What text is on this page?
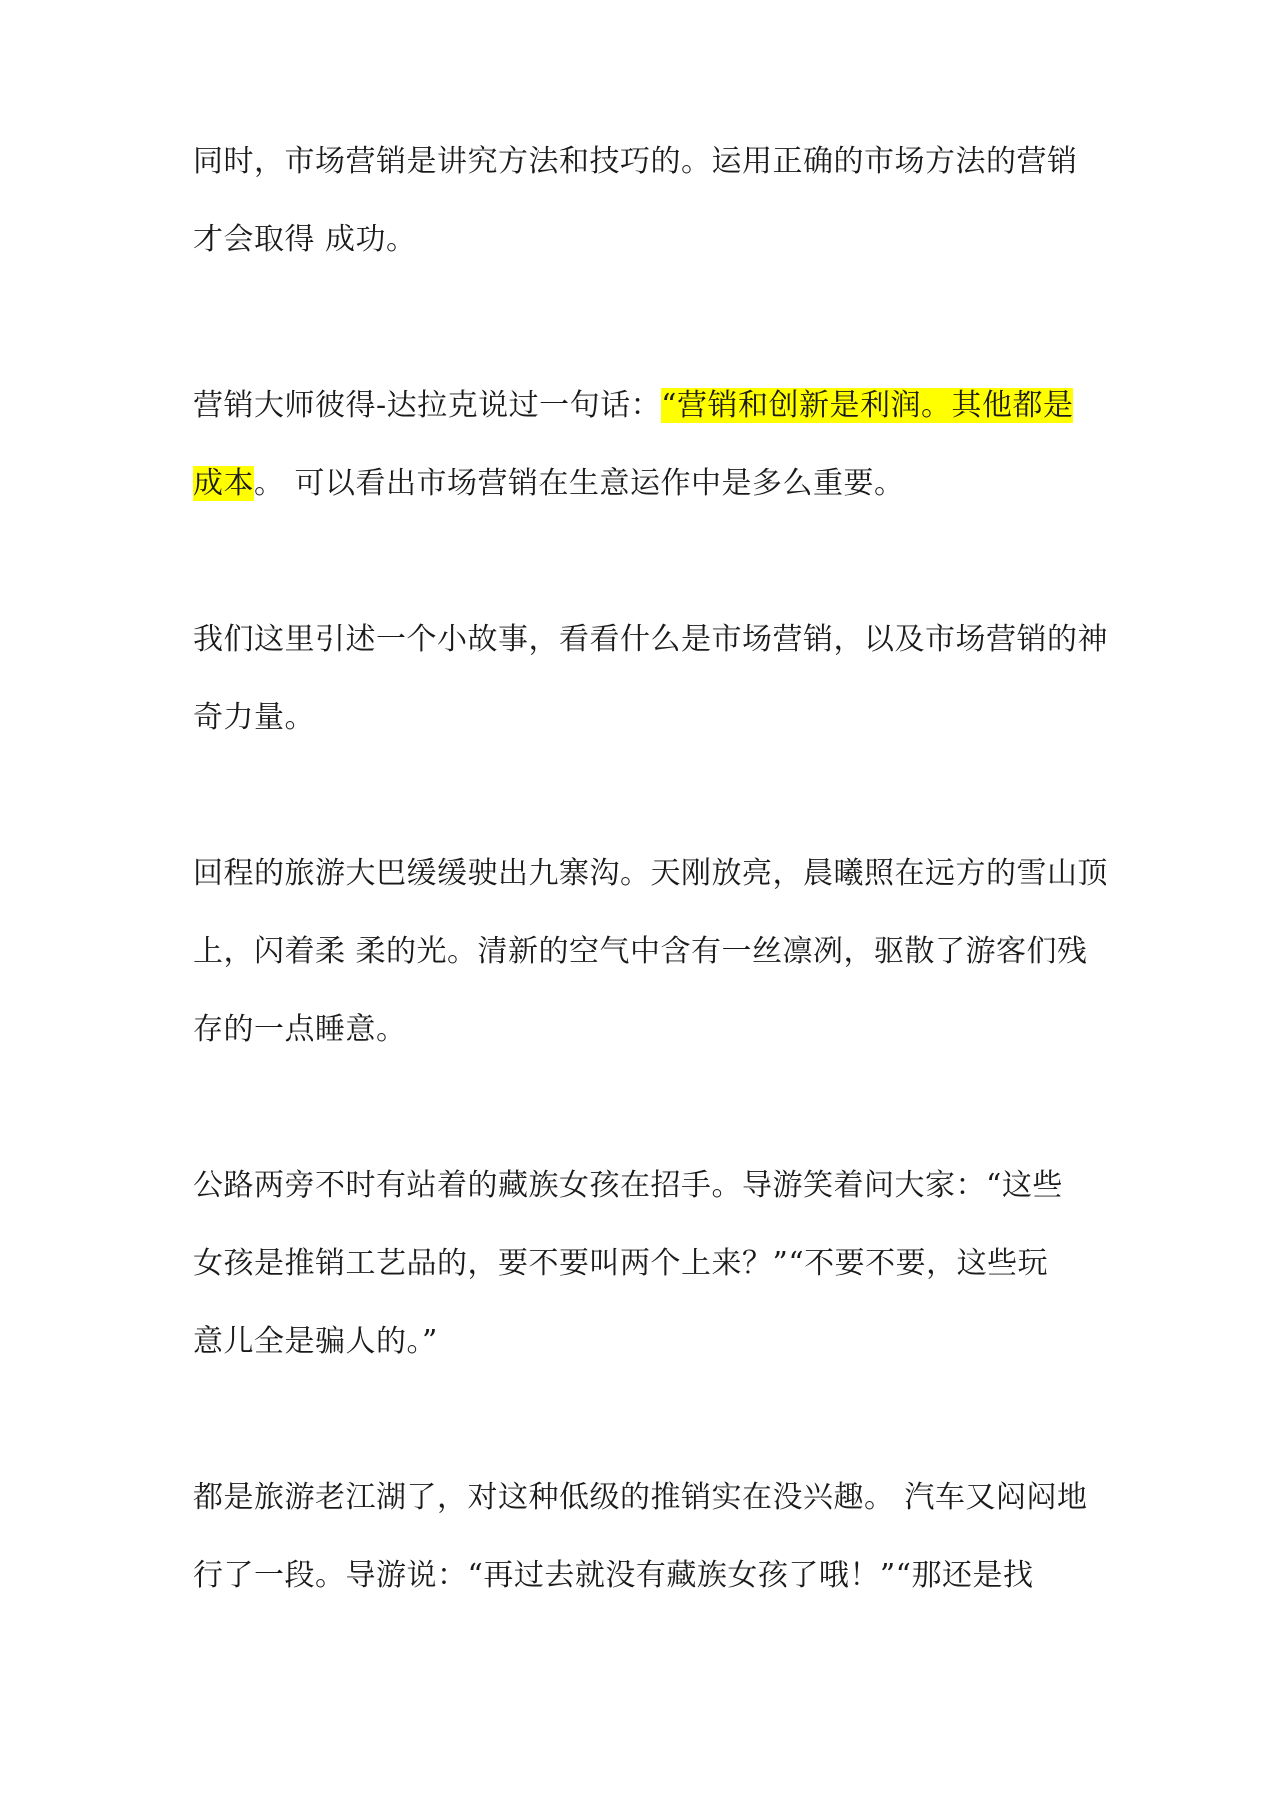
同时，市场营销是讲究方法和技巧的。运用正确的市场方法的营销
才会取得 成功。
营销大师彼得-达拉克说过一句话：“营销和创新是利润。其他都是
成本。 可以看出市场营销在生意运作中是多么重要。
我们这里引述一个小故事，看看什么是市场营销，以及市场营销的神
奇力量。
回程的旅游大巴缓缓驶出九寨沟。天刚放亮，晨曦照在远方的雪山顶
上，闪着柔 柔的光。清新的空气中含有一丝凛冽，驱散了游客们残
存的一点睡意。
公路两旁不时有站着的藏族女孩在招手。导游笑着问大家：“这些
女孩是推销工艺品的，要不要叫两个上来？”“不要不要，这些玩
意儿全是骗人的。”
都是旅游老江湖了，对这种低级的推销实在没兴趣。 汽车又闷闷地
行了一段。导游说：“再过去就没有藏族女孩了哦！”“那还是找
